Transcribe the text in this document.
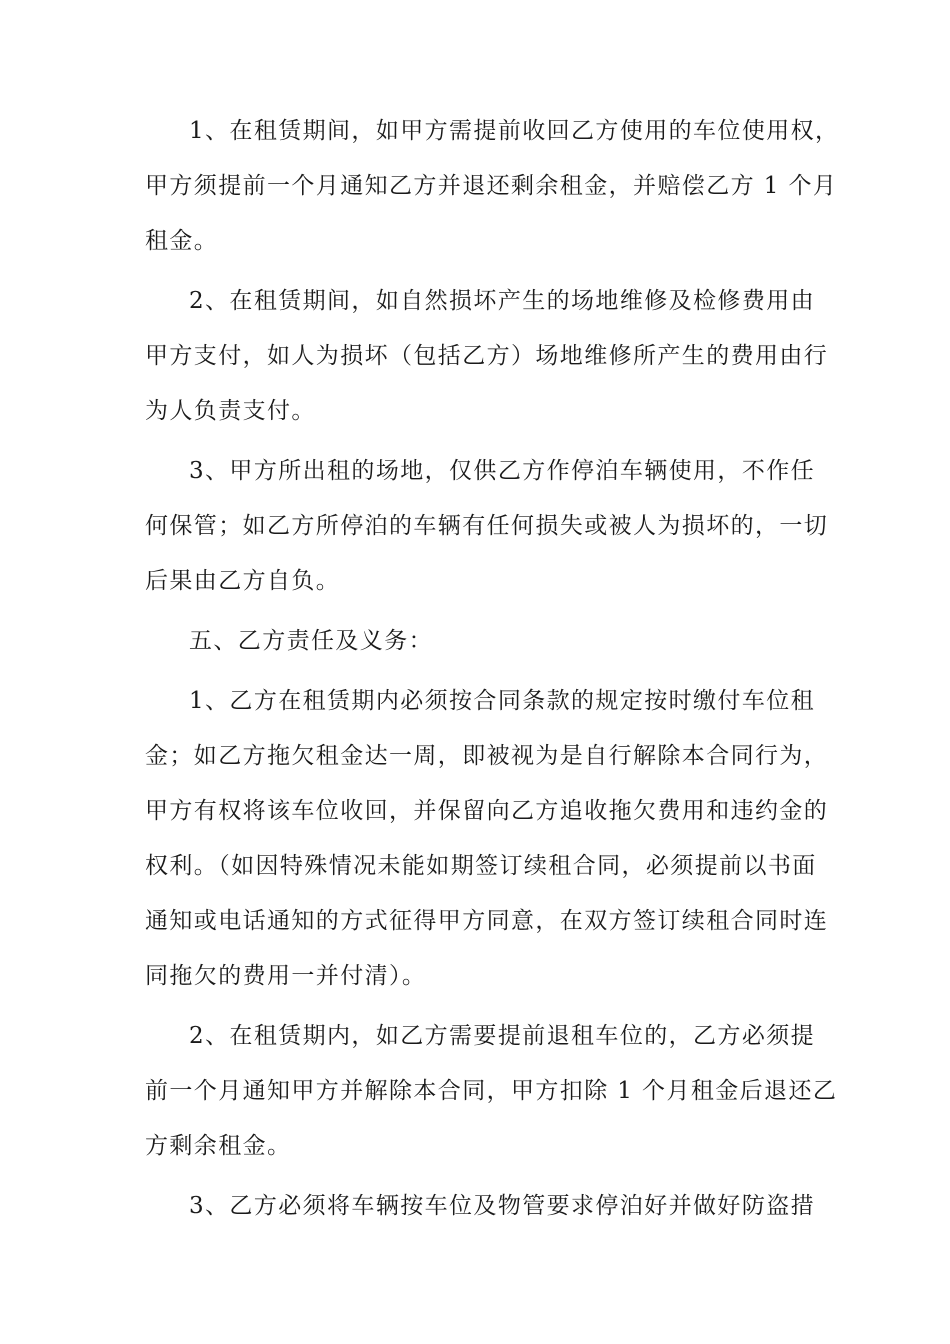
1、在租赁期间，如甲方需提前收回乙方使用的车位使用权，
甲方须提前一个月通知乙方并退还剩余租金，并赔偿乙方 1 个月
租金。
2、在租赁期间，如自然损坏产生的场地维修及检修费用由
甲方支付，如人为损坏（包括乙方）场地维修所产生的费用由行
为人负责支付。
3、甲方所出租的场地，仅供乙方作停泊车辆使用，不作任
何保管；如乙方所停泊的车辆有任何损失或被人为损坏的，一切
后果由乙方自负。
五、乙方责任及义务：
1、乙方在租赁期内必须按合同条款的规定按时缴付车位租
金；如乙方拖欠租金达一周，即被视为是自行解除本合同行为，
甲方有权将该车位收回，并保留向乙方追收拖欠费用和违约金的
权利。（如因特殊情况未能如期签订续租合同，必须提前以书面
通知或电话通知的方式征得甲方同意，在双方签订续租合同时连
同拖欠的费用一并付清）。
2、在租赁期内，如乙方需要提前退租车位的，乙方必须提
前一个月通知甲方并解除本合同，甲方扣除 1 个月租金后退还乙
方剩余租金。
3、乙方必须将车辆按车位及物管要求停泊好并做好防盗措
